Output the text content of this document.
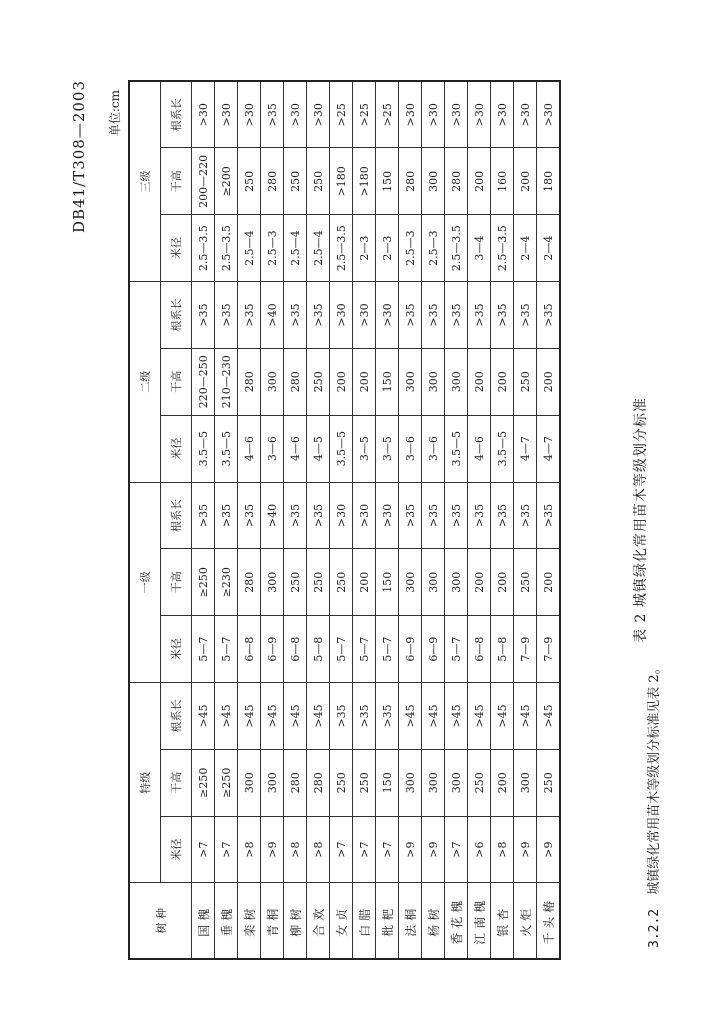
DB41/T308—2003 单位:cm
树 种	特级			一级			二级			三级		
	米径	干高	根系长	米径	干高	根系长	米径	干高	根系长	米径	干高	根系长
国槐	>7	≥250	>45	5—7	≥250	>35	3.5—5	220—250	>35	2.5—3.5	200—220	>30
垂槐	>7	≥250	>45	5—7	≥230	>35	3.5—5	210—230	>35	2.5—3.5	≥200	>30
栾树	>8	300	>45	6—8	280	>35	4—6	280	>35	2.5—4	250	>30
青桐	>9	300	>45	6—9	300	>40	3—6	300	>40	2.5—3	280	>35
柳树	>8	280	>45	6—8	250	>35	4—6	280	>35	2.5—4	250	>30
合欢	>8	280	>45	5—8	250	>35	4—5	250	>35	2.5—4	250	>30
女贞	>7	250	>35	5—7	250	>30	3.5—5	200	>30	2.5—3.5	>180	>25
白腊	>7	250	>35	5—7	200	>30	3—5	200	>30	2—3	>180	>25
枇杷	>7	150	>35	5—7	150	>30	3—5	150	>30	2—3	150	>25
法桐	>9	300	>45	6—9	300	>35	3—6	300	>35	2.5—3	280	>30
杨树	>9	300	>45	6—9	300	>35	3—6	300	>35	2.5—3	300	>30
香花槐	>7	300	>45	5—7	300	>35	3.5—5	300	>35	2.5—3.5	280	>30
江南槐	>6	250	>45	6—8	200	>35	4—6	200	>35	3—4	200	>30
银杏	>8	200	>45	5—8	200	>35	3.5—5	200	>35	2.5—3.5	160	>30
火炬	>9	300	>45	7—9	250	>35	4—7	250	>35	2—4	200	>30
千头椿	>9	250	>45	7—9	200	>35	4—7	200	>35	2—4	180	>30
表 2 城镇绿化常用苗木等级划分标准
3.2.2 城镇绿化常用苗木等级划分标准见表 2。
